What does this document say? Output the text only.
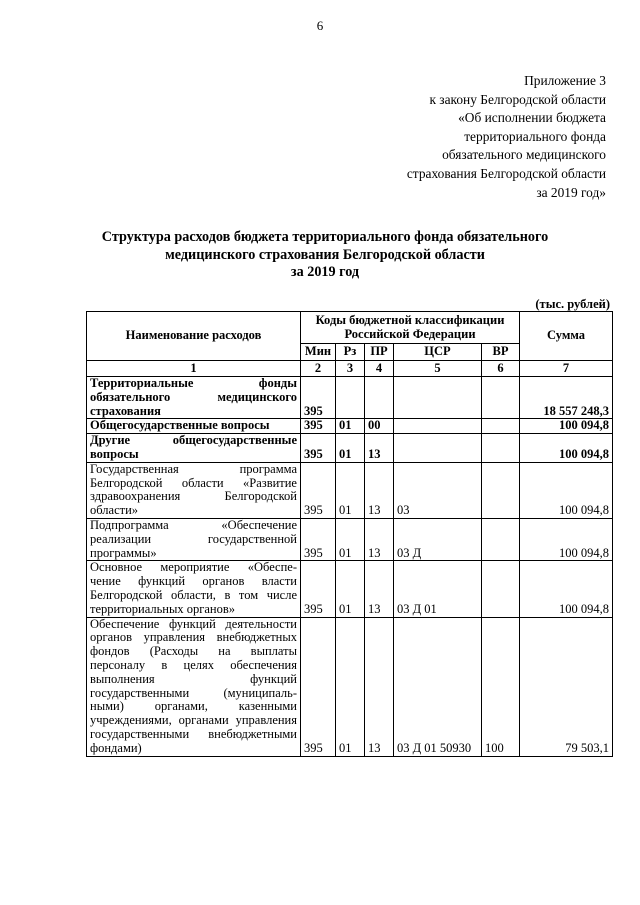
6
Приложение 3
к закону Белгородской области
«Об исполнении бюджета
территориального фонда
обязательного медицинского
страхования Белгородской области
за 2019 год»
Структура расходов бюджета территориального фонда обязательного
медицинского страхования Белгородской области
за 2019 год
(тыс. рублей)
Наименование расходов	Коды бюджетной классификации
Российской Федерации					Сумма
	Мин	Рз	ПР	ЦСР	ВР	
1	2	3	4	5	6	7
Территориальные фонды обязательного медицинского страхования	395					18 557 248,3
Общегосударственные вопросы	395	01	00			100 094,8
Другие общегосударственные вопросы	395	01	13			100 094,8
Государственная программа Белгородской области «Развитие здравоохранения Белгородской области»	395	01	13	03		100 094,8
Подпрограмма «Обеспечение реализации государственной программы»	395	01	13	03 Д		100 094,8
Основное мероприятие «Обеспе-чение функций органов власти Белгородской области, в том числе территориальных органов»	395	01	13	03 Д 01		100 094,8
Обеспечение функций деятельности органов управления внебюджетных фондов (Расходы на выплаты персоналу в целях обеспечения выполнения функций государственными (муниципаль-ными) органами, казенными учреждениями, органами управления государственными внебюджетными фондами)	395	01	13	03 Д 01 50930	100	79 503,1
